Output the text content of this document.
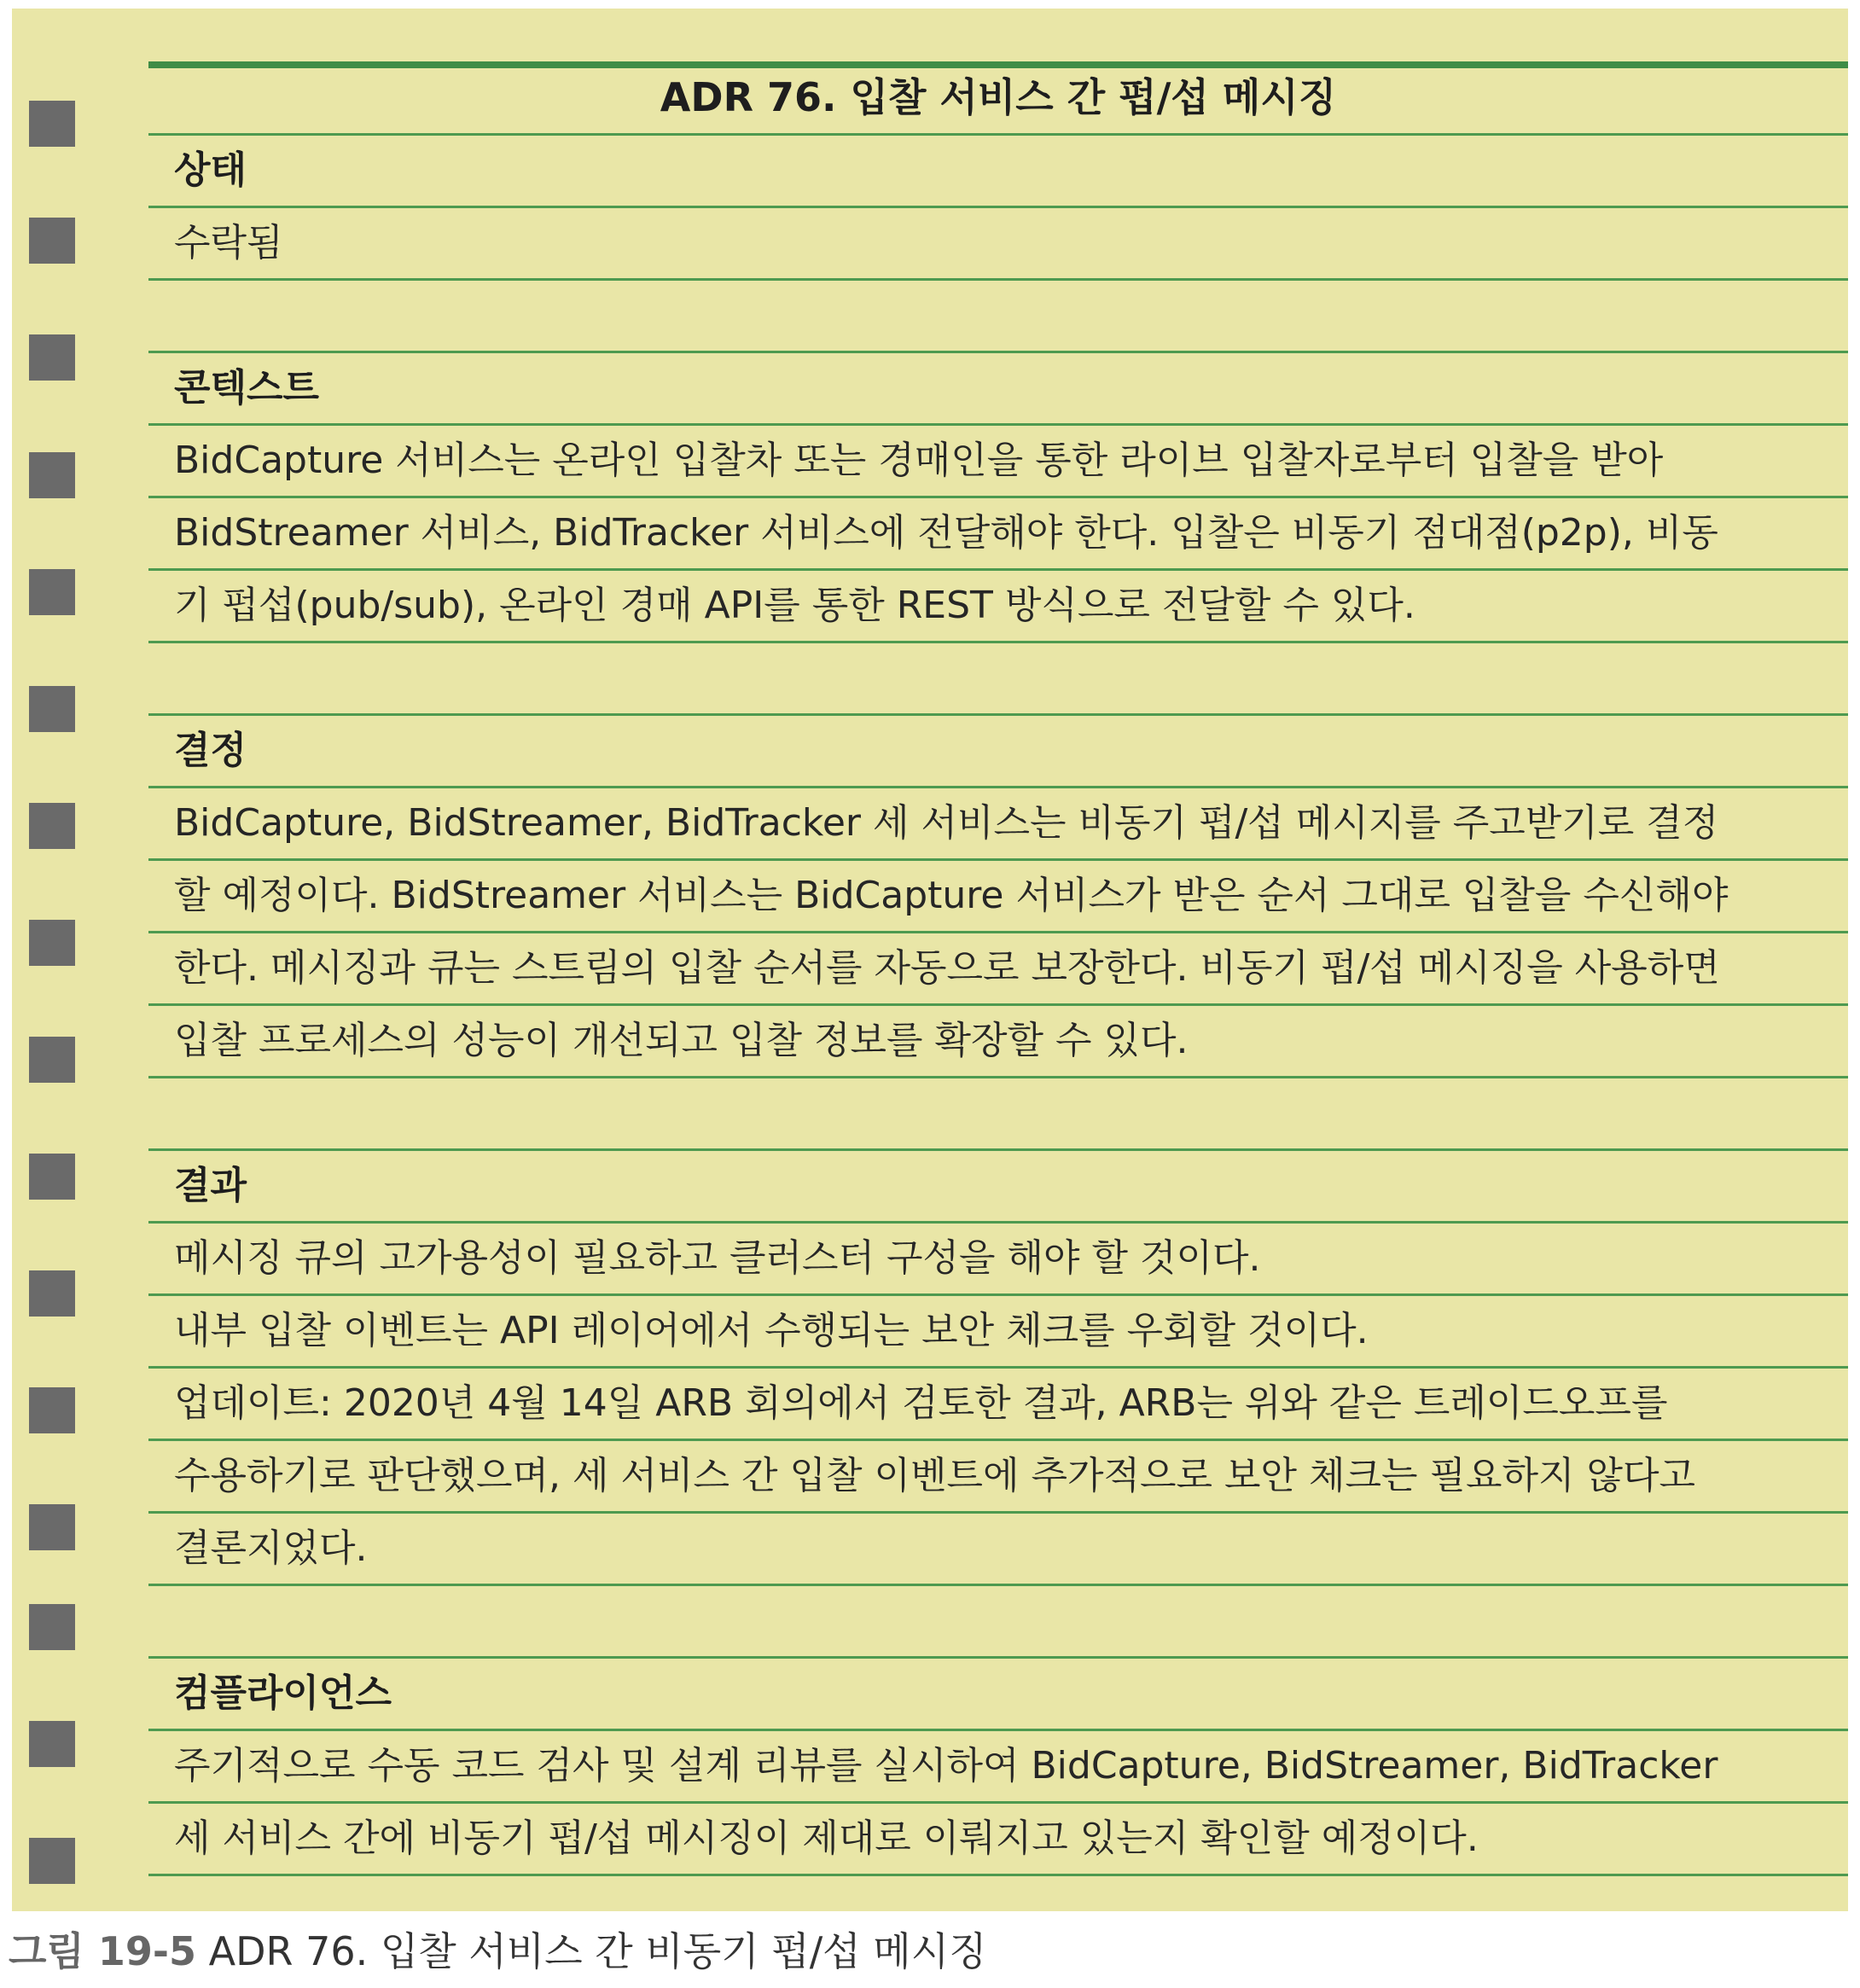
ADR 76. 입찰 서비스 간 펍/섭 메시징
상태
수락됨
콘텍스트
BidCapture 서비스는 온라인 입찰차 또는 경매인을 통한 라이브 입찰자로부터 입찰을 받아
BidStreamer 서비스, BidTracker 서비스에 전달해야 한다. 입찰은 비동기 점대점(p2p), 비동
기 펍섭(pub/sub), 온라인 경매 API를 통한 REST 방식으로 전달할 수 있다.
결정
BidCapture, BidStreamer, BidTracker 세 서비스는 비동기 펍/섭 메시지를 주고받기로 결정
할 예정이다. BidStreamer 서비스는 BidCapture 서비스가 받은 순서 그대로 입찰을 수신해야
한다. 메시징과 큐는 스트림의 입찰 순서를 자동으로 보장한다. 비동기 펍/섭 메시징을 사용하면
입찰 프로세스의 성능이 개선되고 입찰 정보를 확장할 수 있다.
결과
메시징 큐의 고가용성이 필요하고 클러스터 구성을 해야 할 것이다.
내부 입찰 이벤트는 API 레이어에서 수행되는 보안 체크를 우회할 것이다.
업데이트: 2020년 4월 14일 ARB 회의에서 검토한 결과, ARB는 위와 같은 트레이드오프를
수용하기로 판단했으며, 세 서비스 간 입찰 이벤트에 추가적으로 보안 체크는 필요하지 않다고
결론지었다.
컴플라이언스
주기적으로 수동 코드 검사 및 설계 리뷰를 실시하여 BidCapture, BidStreamer, BidTracker
세 서비스 간에 비동기 펍/섭 메시징이 제대로 이뤄지고 있는지 확인할 예정이다.
그림 19-5 ADR 76. 입찰 서비스 간 비동기 펍/섭 메시징
